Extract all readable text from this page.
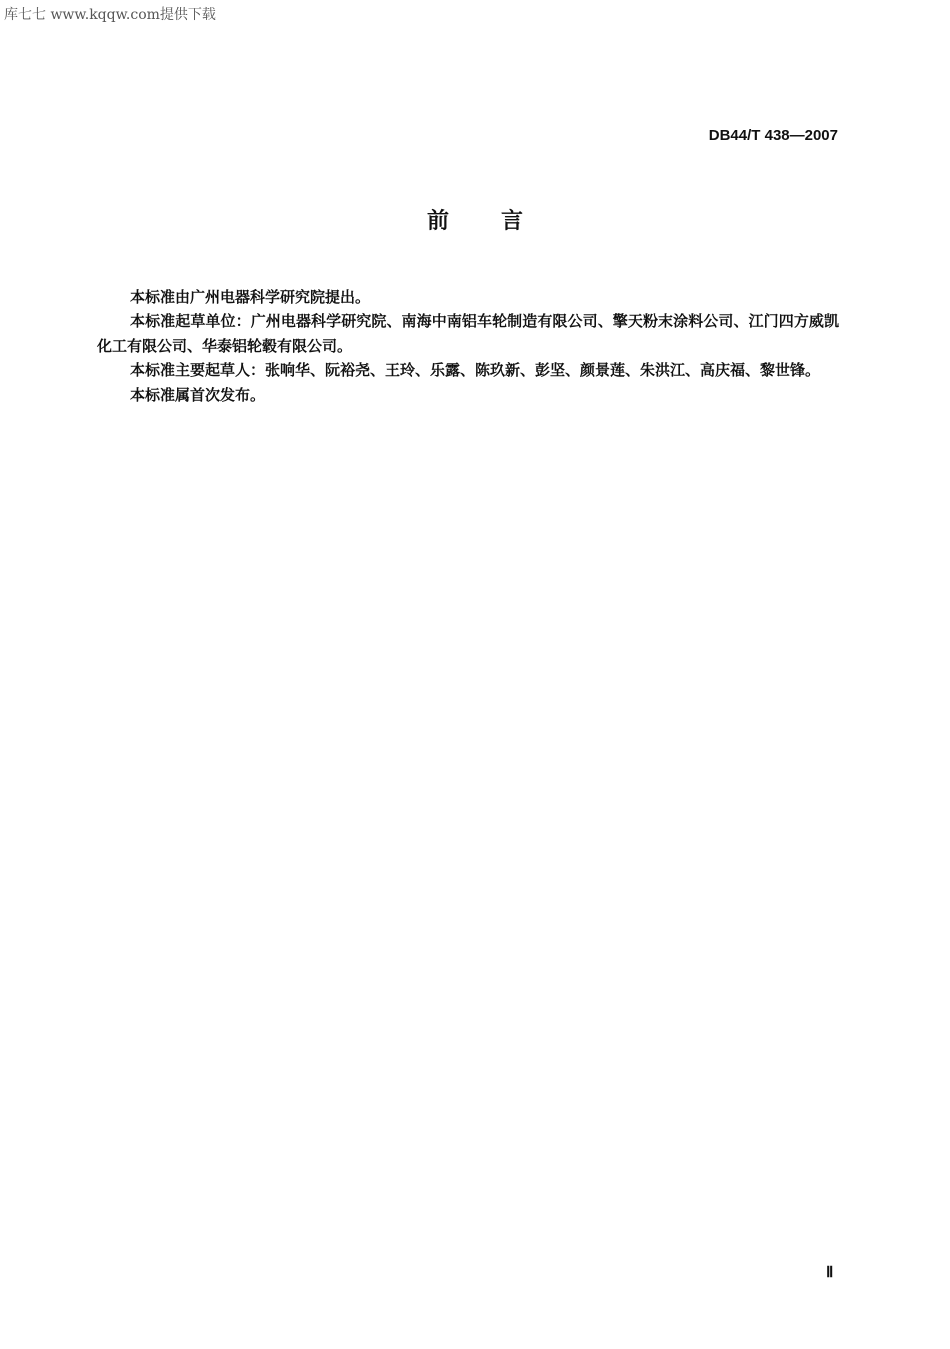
库七七 www.kqqw.com提供下载
DB44/T 438—2007
前言

本标准由广州电器科学研究院提出。

本标准起草单位：广州电器科学研究院、南海中南铝车轮制造有限公司、擎天粉末涂料公司、江门四方威凯化工有限公司、华泰铝轮毂有限公司。

本标准主要起草人：张响华、阮裕尧、王玲、乐露、陈玖新、彭坚、颜景莲、朱洪江、高庆福、黎世锋。

本标准属首次发布。

Ⅱ
